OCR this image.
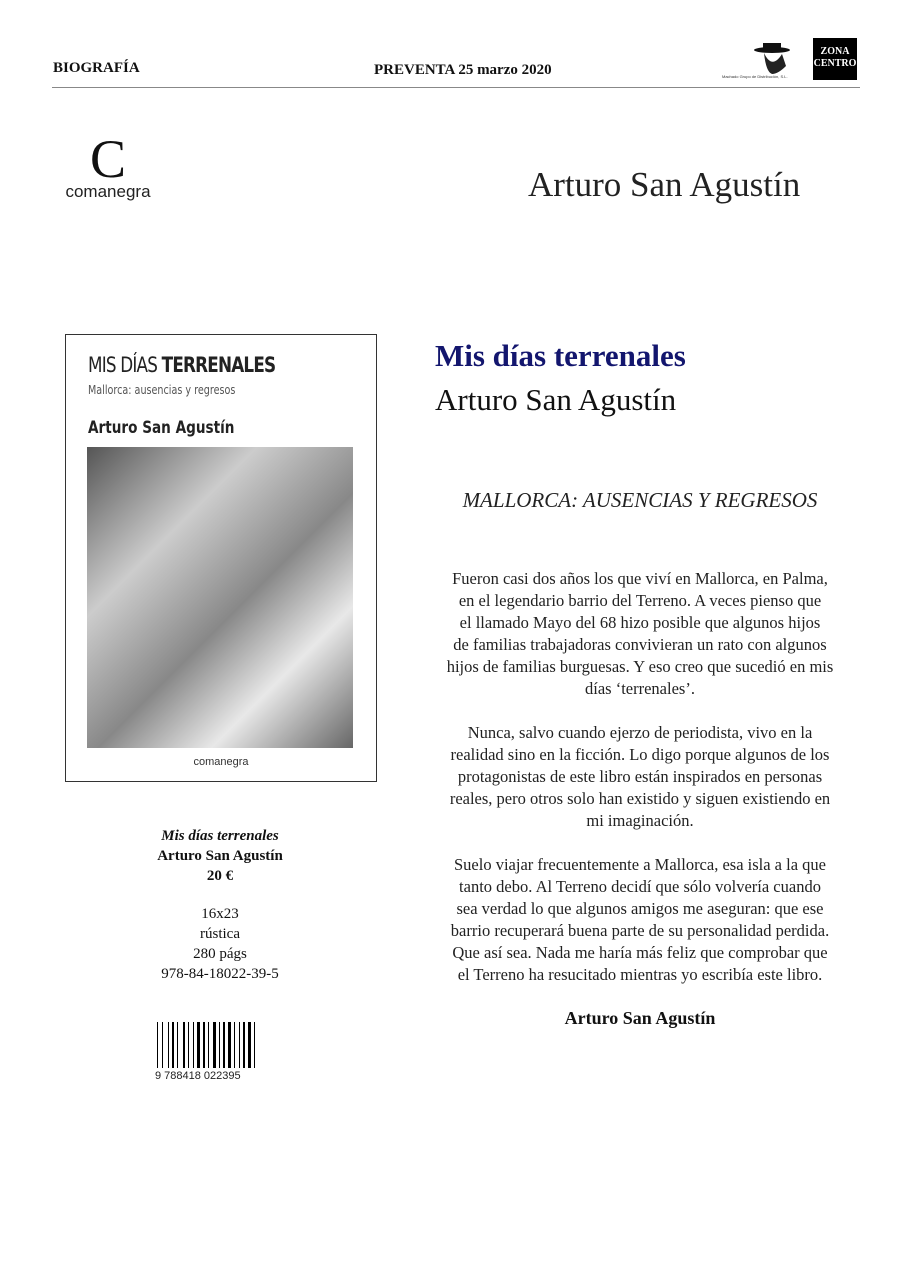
BIOGRAFÍA	PREVENTA 25 marzo 2020	Machado Grupo de Distribución, S.L.
ZONA
CENTRO
C
comanegra	Arturo San Agustín
MIS DÍAS TERRENALES
Mallorca: ausencias y regresos
Arturo San Agustín
comanegra
Mis días terrenales
Arturo San Agustín
20 €
16x23
rústica
280 págs
978-84-18022-39-5
9 788418 022395
Mis días terrenales
Arturo San Agustín
MALLORCA: AUSENCIAS Y REGRESOS

Fueron casi dos años los que viví en Mallorca, en Palma,
en el legendario barrio del Terreno. A veces pienso que
el llamado Mayo del 68 hizo posible que algunos hijos
de familias trabajadoras convivieran un rato con algunos
hijos de familias burguesas. Y eso creo que sucedió en mis
días ‘terrenales’.

Nunca, salvo cuando ejerzo de periodista, vivo en la
realidad sino en la ficción. Lo digo porque algunos de los
protagonistas de este libro están inspirados en personas
reales, pero otros solo han existido y siguen existiendo en
mi imaginación.

Suelo viajar frecuentemente a Mallorca, esa isla a la que
tanto debo. Al Terreno decidí que sólo volvería cuando
sea verdad lo que algunos amigos me aseguran: que ese
barrio recuperará buena parte de su personalidad perdida.
Que así sea. Nada me haría más feliz que comprobar que
el Terreno ha resucitado mientras yo escribía este libro.

Arturo San Agustín
